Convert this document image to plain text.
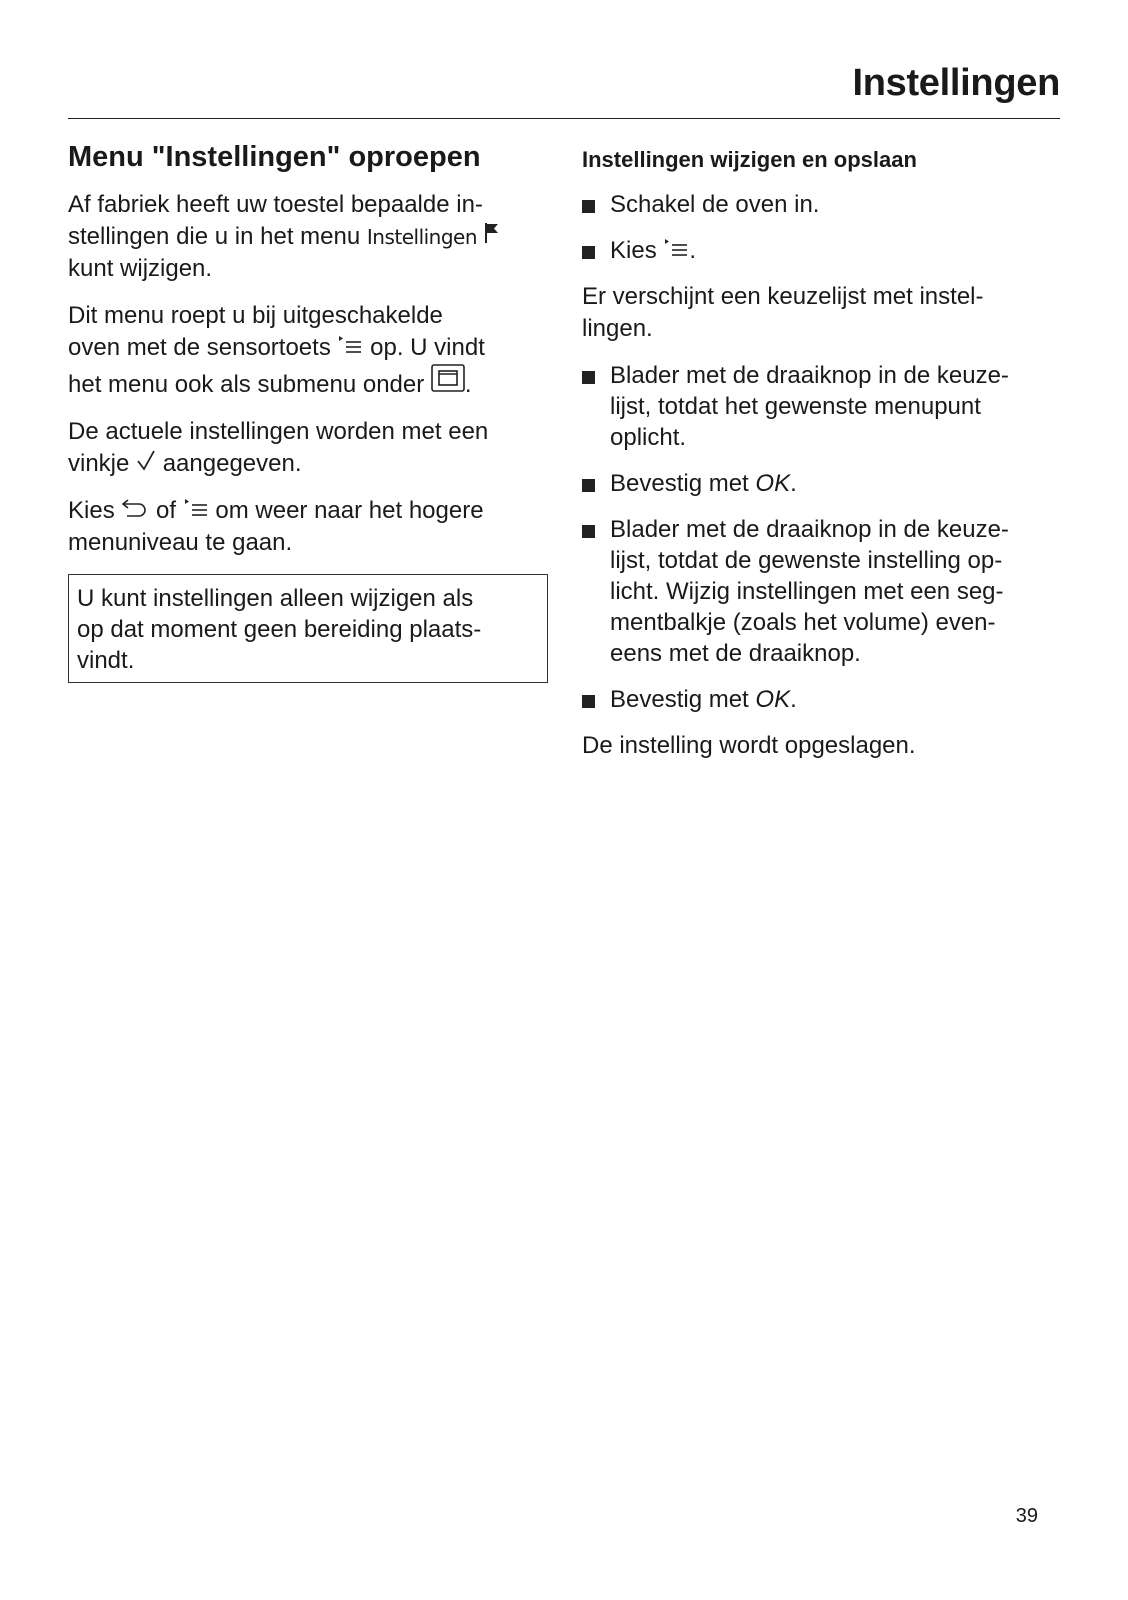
Instellingen
Menu "Instellingen" oproepen

Af fabriek heeft uw toestel bepaalde in-
stellingen die u in het menu Instellingen
kunt wijzigen.

Dit menu roept u bij uitgeschakelde
oven met de sensortoets  op. U vindt
het menu ook als submenu onder .

De actuele instellingen worden met een
vinkje  aangegeven.

Kies  of  om weer naar het hogere
menuniveau te gaan.

U kunt instellingen alleen wijzigen als
op dat moment geen bereiding plaats-
vindt.
Instellingen wijzigen en opslaan
Schakel de oven in.
Kies .

Er verschijnt een keuzelijst met instel-
lingen.

Blader met de draaiknop in de keuze-
lijst, totdat het gewenste menupunt
oplicht.
Bevestig met OK.
Blader met de draaiknop in de keuze-
lijst, totdat de gewenste instelling op-
licht. Wijzig instellingen met een seg-
mentbalkje (zoals het volume) even-
eens met de draaiknop.
Bevestig met OK.

De instelling wordt opgeslagen.

39
